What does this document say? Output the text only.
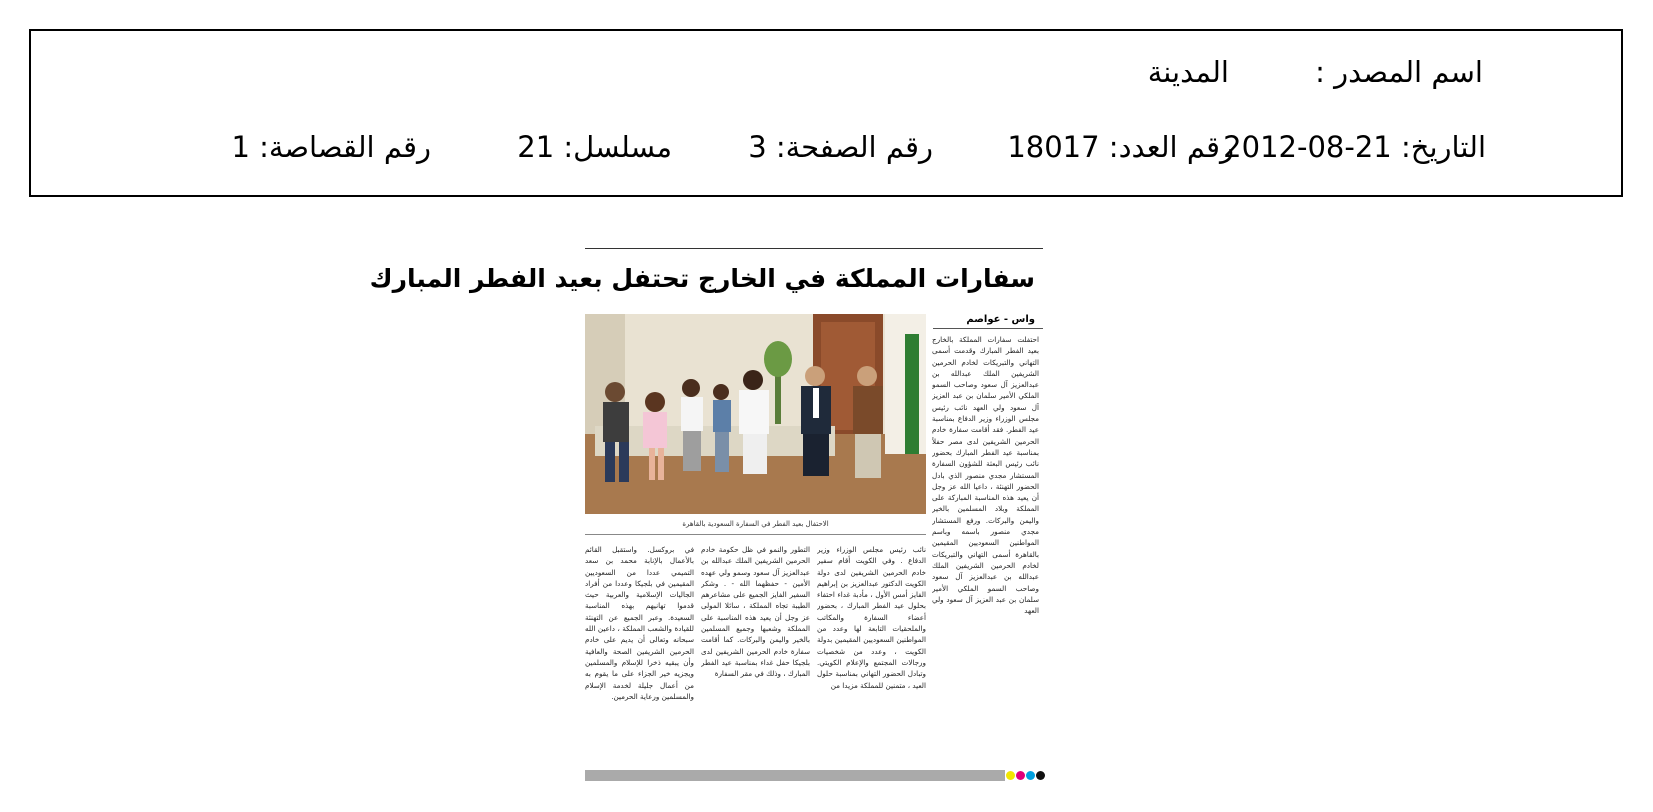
اسم المصدر :
المدينة
التاريخ: 21-08-2012
رقم العدد: 18017
رقم الصفحة: 3
مسلسل: 21
رقم القصاصة: 1
سفارات المملكة في الخارج تحتفل بعيد الفطر المبارك
واس - عواصم
الاحتفال بعيد الفطر في السفارة السعودية بالقاهرة

احتفلت سفارات المملكة بالخارج بعيد الفطر المبارك وقدمت أسمى التهاني والتبريكات لخادم الحرمين الشريفين الملك عبدالله بن عبدالعزيز آل سعود وصاحب السمو الملكي الأمير سلمان بن عبد العزيز آل سعود ولي العهد نائب رئيس مجلس الوزراء وزير الدفاع بمناسبة عيد الفطر. فقد أقامت سفارة خادم الحرمين الشريفين لدى مصر حفلاً بمناسبة عيد الفطر المبارك بحضور نائب رئيس البعثة للشؤون السفارة المستشار مجدي منصور الذي بادل الحضور التهنئة ، داعيا الله عز وجل أن يعيد هذه المناسبة المباركة على المملكة وبلاد المسلمين بالخير واليمن والبركات. ورفع المستشار مجدي منصور باسمه وباسم المواطنين السعوديين المقيمين بالقاهرة أسمى التهاني والتبريكات لخادم الحرمين الشريفين الملك عبدالله بن عبدالعزيز آل سعود وصاحب السمو الملكي الأمير سلمان بن عبد العزيز آل سعود ولي العهد

نائب رئيس مجلس الوزراء وزير الدفاع . وفي الكويت أقام سفير خادم الحرمين الشريفين لدى دولة الكويت الدكتور عبدالعزيز بن إبراهيم الفايز أمس الأول ، مأدبة غداء احتفاء بحلول عيد الفطر المبارك ، بحضور أعضاء السفارة والمكاتب والملحقيات التابعة لها وعدد من المواطنين السعوديين المقيمين بدولة الكويت ، وعدد من شخصيات ورجالات المجتمع والإعلام الكويتي. وتبادل الحضور التهاني بمناسبة حلول العيد ، متمنين للمملكة مزيدا من

التطور والنمو في ظل حكومة خادم الحرمين الشريفين الملك عبدالله بن عبدالعزيز آل سعود وسمو ولي عهده الأمين - حفظهما الله - . وشكر السفير الفايز الجميع على مشاعرهم الطيبة تجاه المملكة ، سائلا المولى عز وجل أن يعيد هذه المناسبة على المملكة وشعبها وجميع المسلمين بالخير واليمن والبركات. كما أقامت سفارة خادم الحرمين الشريفين لدى بلجيكا حفل غداء بمناسبة عيد الفطر المبارك ، وذلك في مقر السفارة

في بروكسل. واستقبل القائم بالأعمال بالإنابة محمد بن سعد التميمي عددا من السعوديين المقيمين في بلجيكا وعددا من أفراد الجاليات الإسلامية والعربية حيث قدموا تهانيهم بهذه المناسبة السعيدة. وعبر الجميع عن التهنئة للقيادة والشعب المملكة ، داعين الله سبحانه وتعالى أن يديم على خادم الحرمين الشريفين الصحة والعافية وأن يبقيه ذخرا للإسلام والمسلمين ويجزيه خير الجزاء على ما يقوم به من أعمال جليلة لخدمة الإسلام والمسلمين ورعاية الحرمين.
